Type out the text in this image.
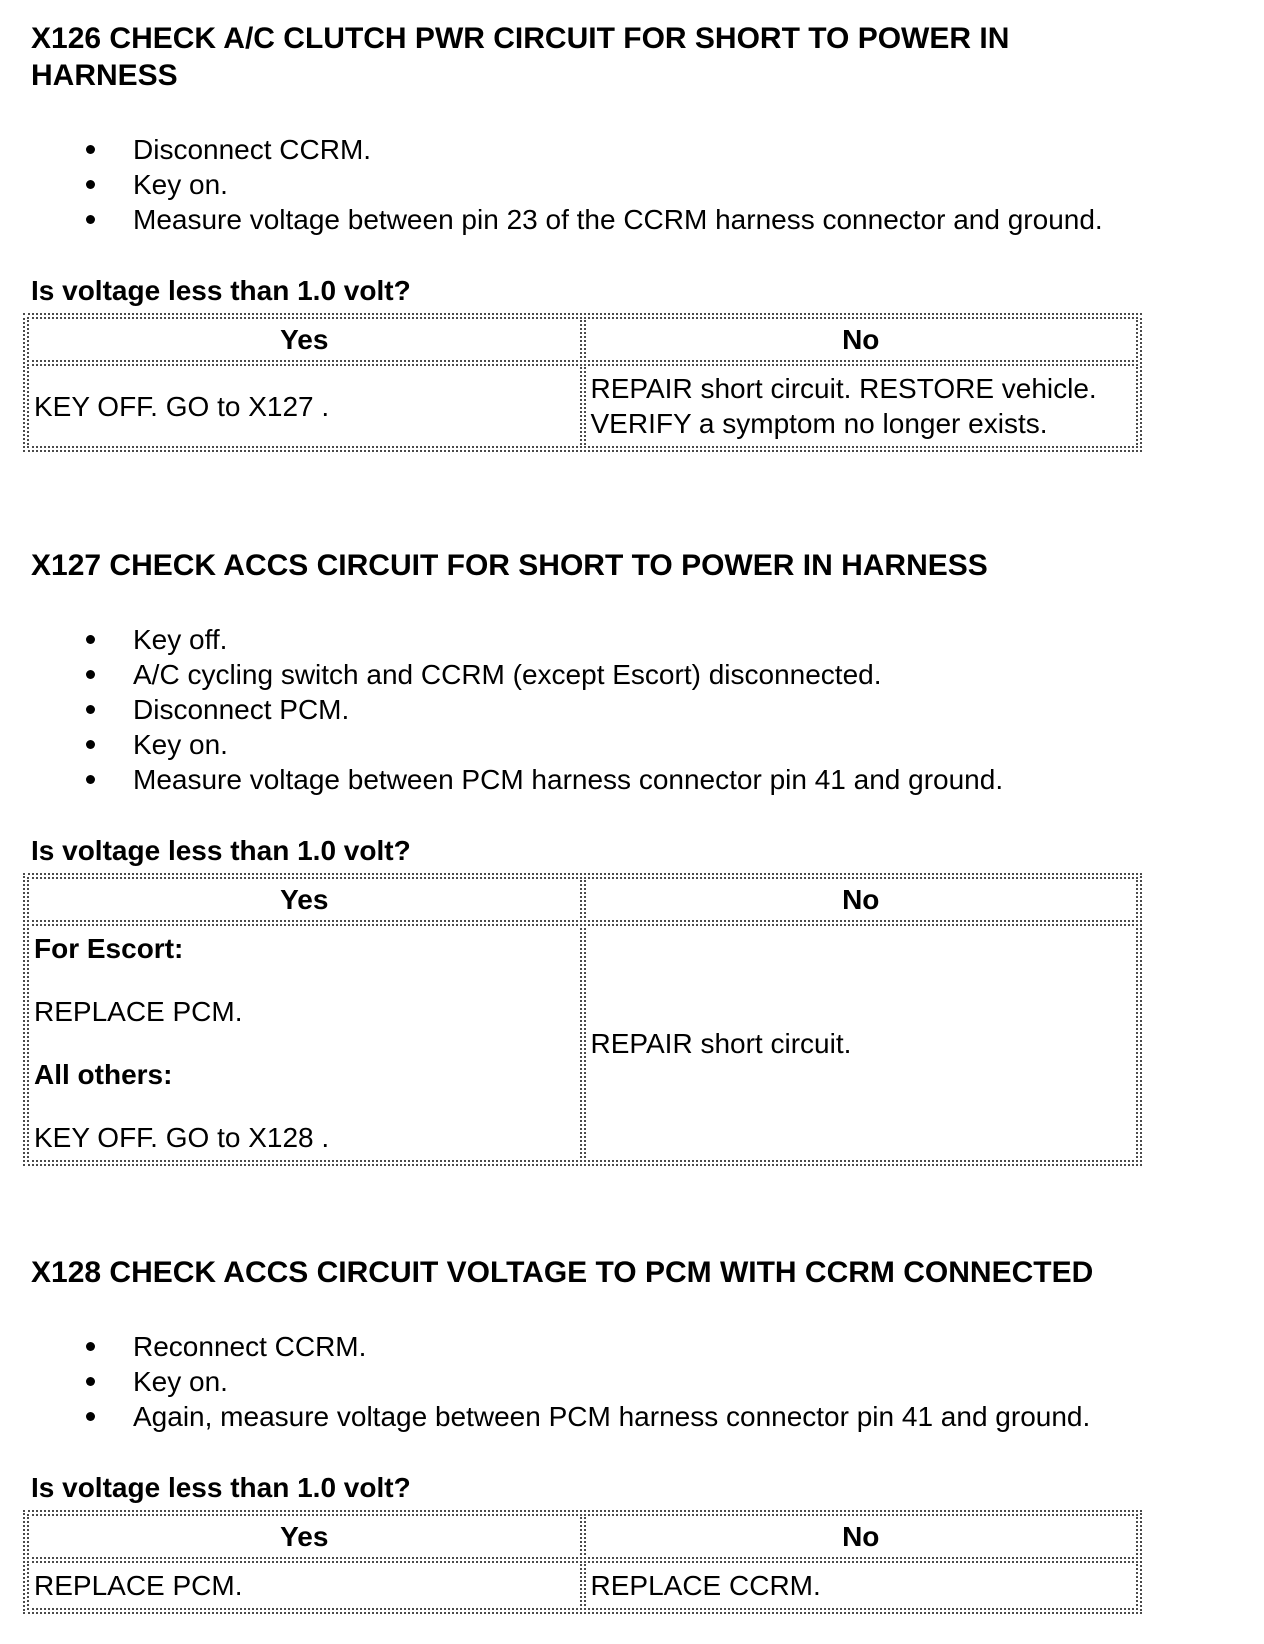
X126 CHECK A/C CLUTCH PWR CIRCUIT FOR SHORT TO POWER IN HARNESS
Disconnect CCRM.
Key on.
Measure voltage between pin 23 of the CCRM harness connector and ground.

Is voltage less than 1.0 volt?

Yes	No

KEY OFF. GO to X127 .	REPAIR short circuit. RESTORE vehicle. VERIFY a symptom no longer exists.

X127 CHECK ACCS CIRCUIT FOR SHORT TO POWER IN HARNESS
Key off.
A/C cycling switch and CCRM (except Escort) disconnected.
Disconnect PCM.
Key on.
Measure voltage between PCM harness connector pin 41 and ground.

Is voltage less than 1.0 volt?

Yes	No

For Escort:

REPLACE PCM.

All others:

KEY OFF. GO to X128 .	REPAIR short circuit.

X128 CHECK ACCS CIRCUIT VOLTAGE TO PCM WITH CCRM CONNECTED
Reconnect CCRM.
Key on.
Again, measure voltage between PCM harness connector pin 41 and ground.

Is voltage less than 1.0 volt?

Yes	No

REPLACE PCM.	REPLACE CCRM.
